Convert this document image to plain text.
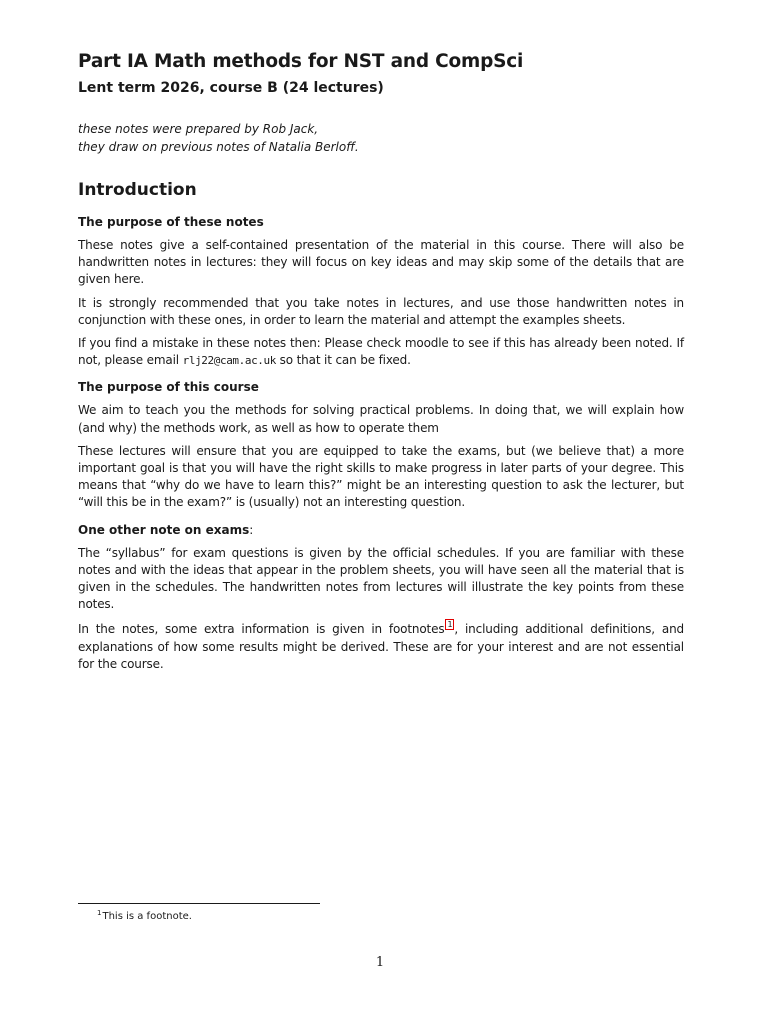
Part IA Math methods for NST and CompSci
Lent term 2026, course B (24 lectures)
these notes were prepared by Rob Jack,
they draw on previous notes of Natalia Berloff.
Introduction
The purpose of these notes

These notes give a self-contained presentation of the material in this course. There will also be handwritten notes in lectures: they will focus on key ideas and may skip some of the details that are given here.

It is strongly recommended that you take notes in lectures, and use those handwritten notes in conjunction with these ones, in order to learn the material and attempt the examples sheets.

If you find a mistake in these notes then: Please check moodle to see if this has already been noted. If not, please email rlj22@cam.ac.uk so that it can be fixed.

The purpose of this course

We aim to teach you the methods for solving practical problems. In doing that, we will explain how (and why) the methods work, as well as how to operate them

These lectures will ensure that you are equipped to take the exams, but (we believe that) a more important goal is that you will have the right skills to make progress in later parts of your degree. This means that “why do we have to learn this?” might be an interesting question to ask the lecturer, but “will this be in the exam?” is (usually) not an interesting question.

One other note on exams:

The “syllabus” for exam questions is given by the official schedules. If you are familiar with these notes and with the ideas that appear in the problem sheets, you will have seen all the material that is given in the schedules. The handwritten notes from lectures will illustrate the key points from these notes.

In the notes, some extra information is given in footnotes 1 , including additional definitions, and explanations of how some results might be derived. These are for your interest and are not essential for the course.

$^1$This is a footnote.
1
